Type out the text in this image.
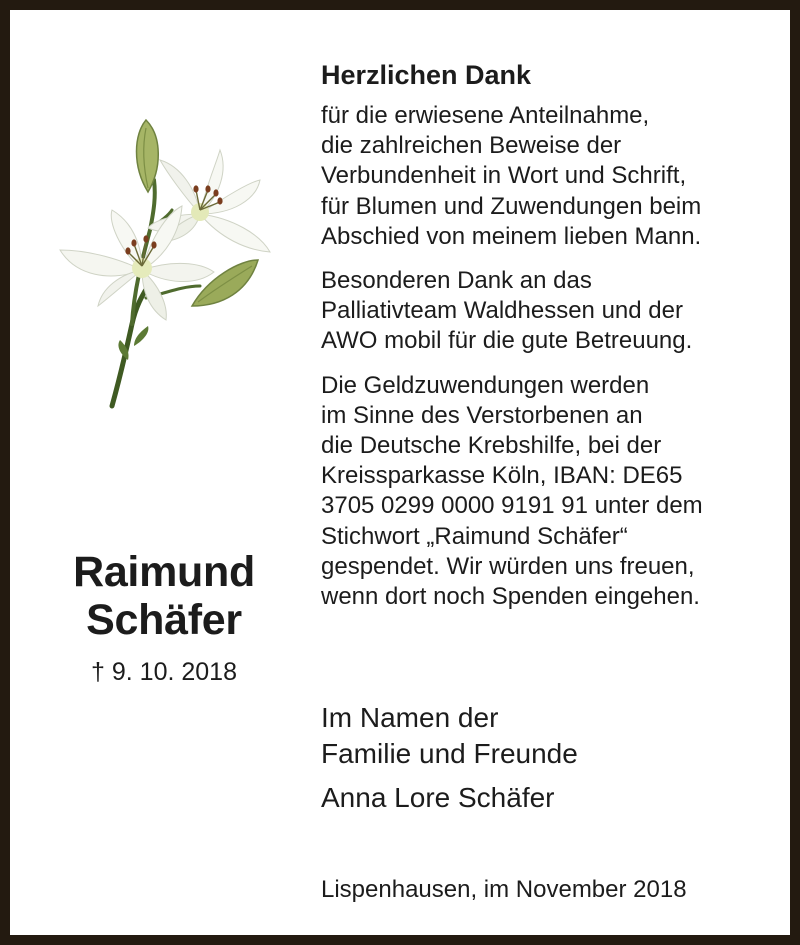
Raimund
Schäfer
† 9. 10. 2018
Herzlichen Dank

für die erwiesene Anteilnahme,
die zahlreichen Beweise der
Verbundenheit in Wort und Schrift,
für Blumen und Zuwendungen beim
Abschied von meinem lieben Mann.

Besonderen Dank an das
Palliativteam Waldhessen und der
AWO mobil für die gute Betreuung.

Die Geldzuwendungen werden
im Sinne des Verstorbenen an
die Deutsche Krebshilfe, bei der
Kreissparkasse Köln, IBAN: DE65
3705 0299 0000 9191 91 unter dem
Stichwort „Raimund Schäfer“
gespendet. Wir würden uns freuen,
wenn dort noch Spenden eingehen.

Im Namen der
Familie und Freunde
Anna Lore Schäfer
Lispenhausen, im November 2018
